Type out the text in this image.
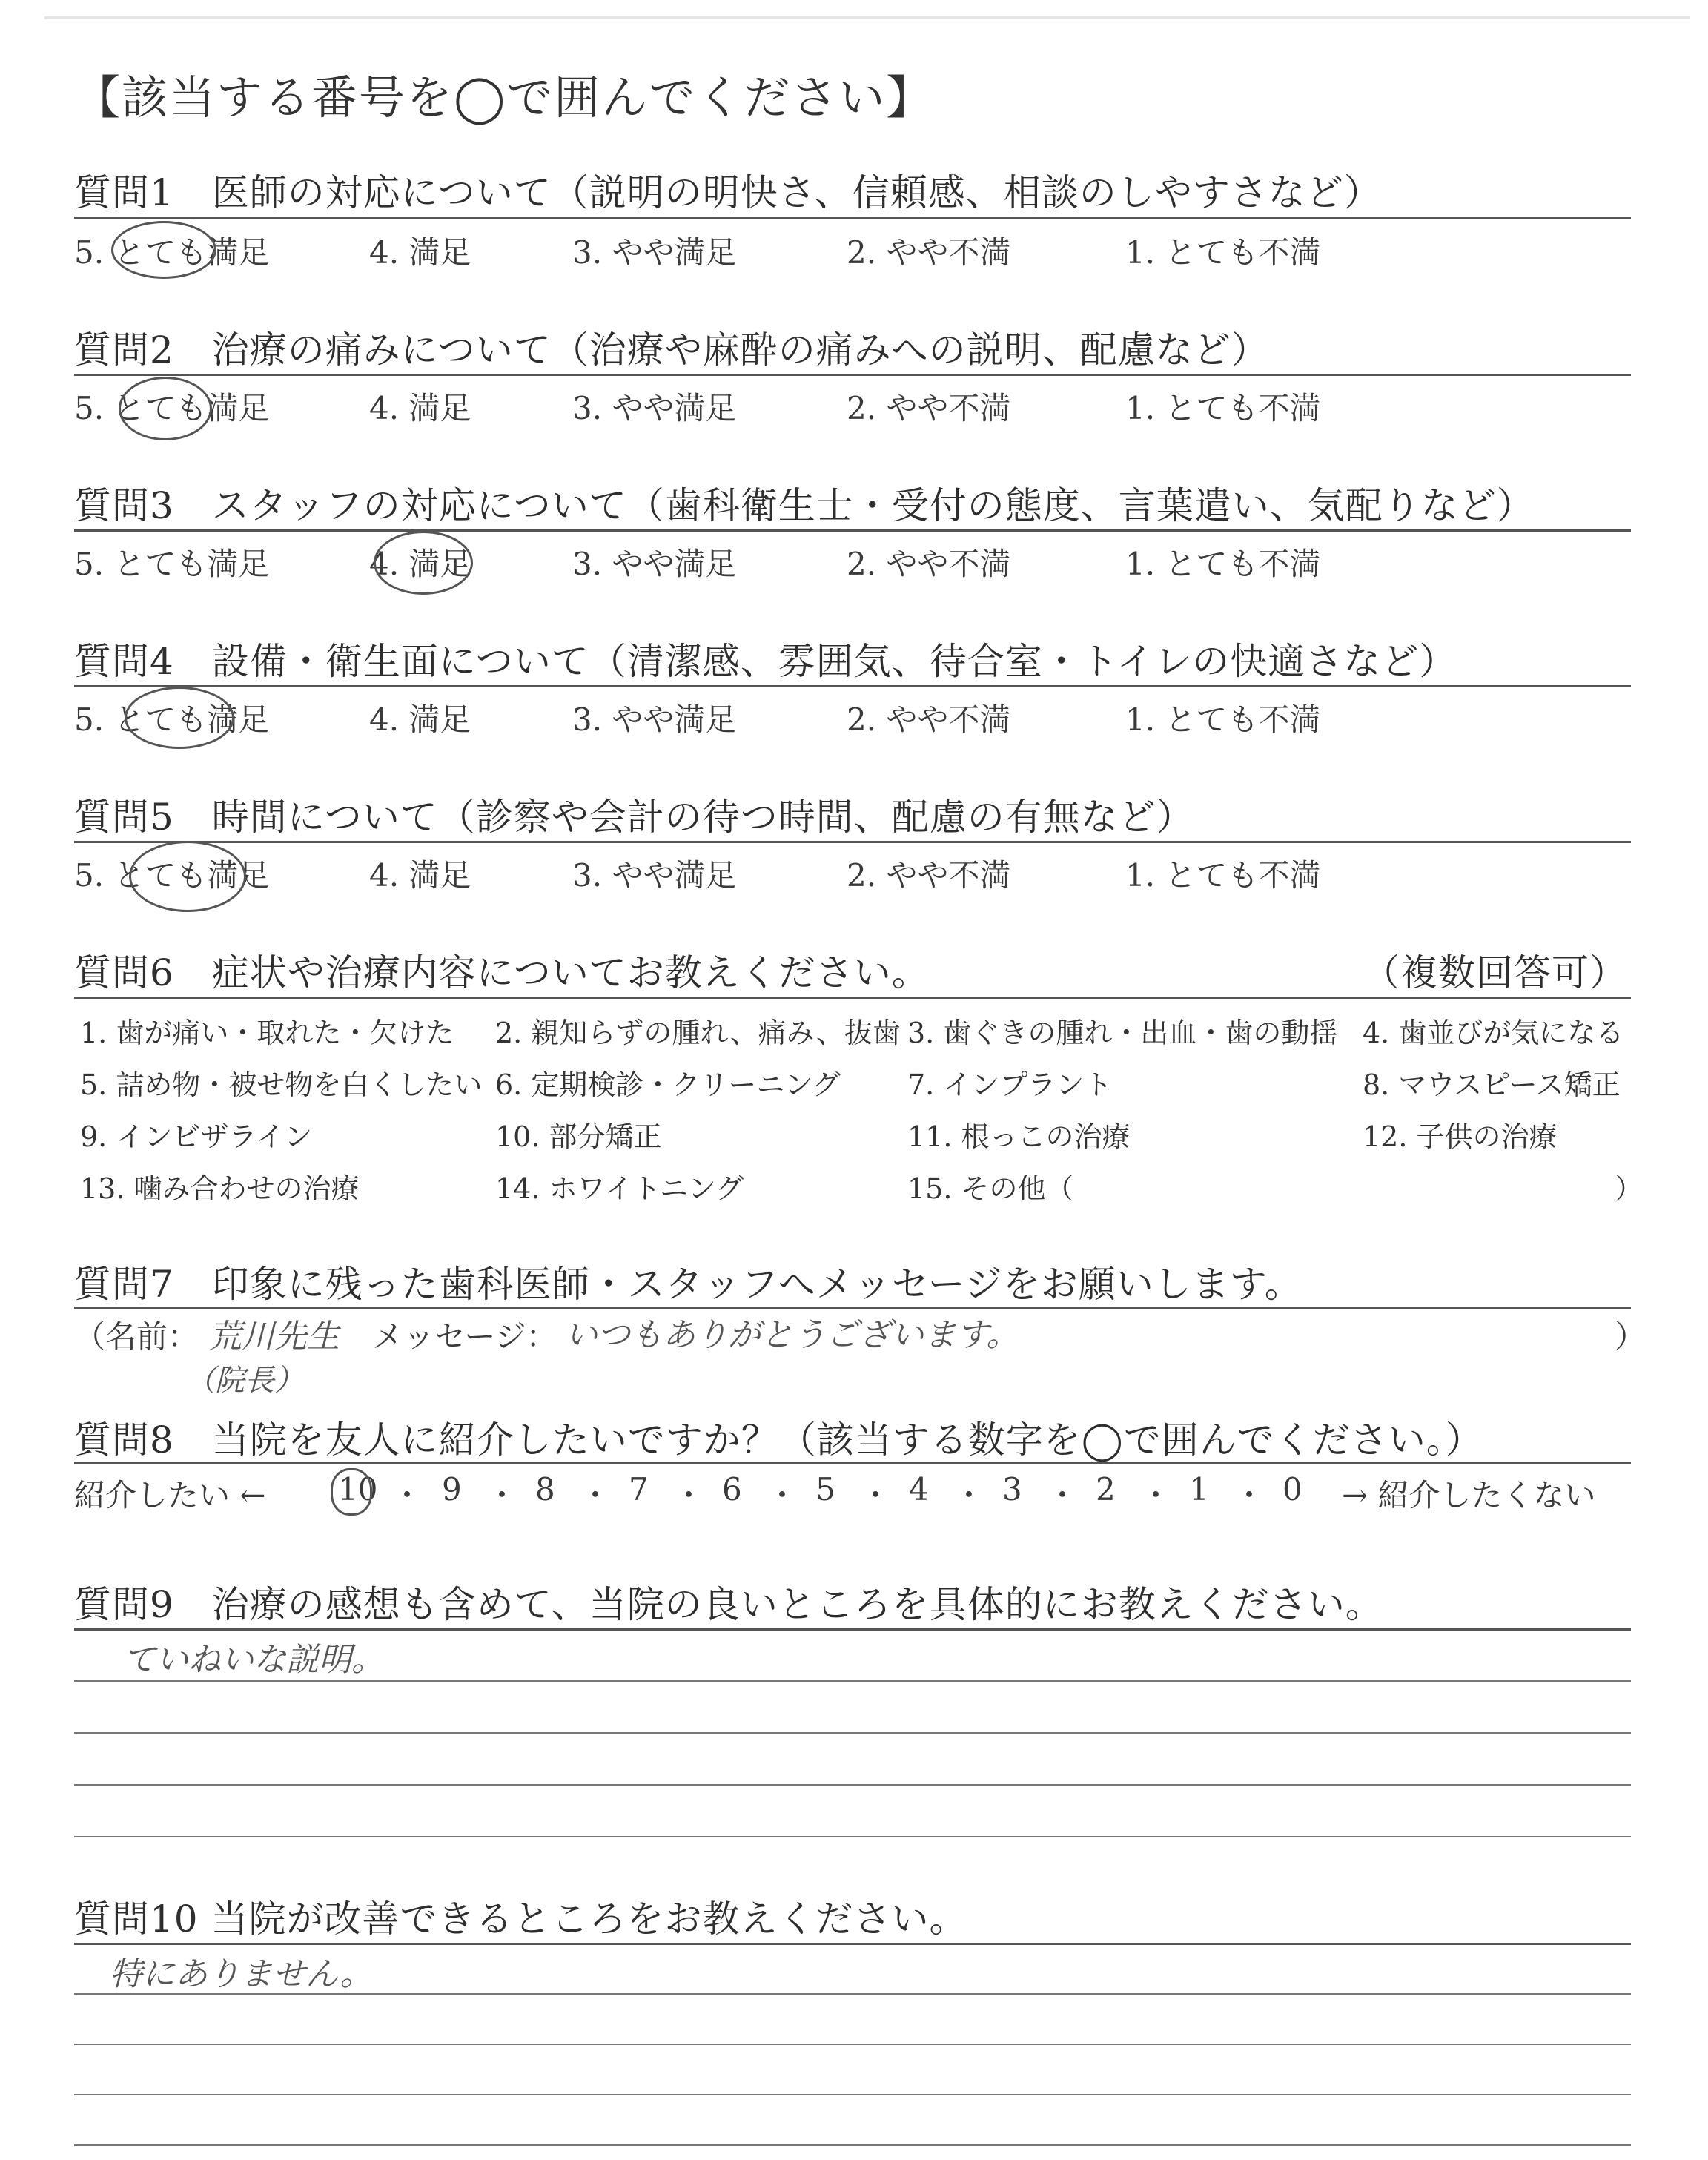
【該当する番号を◯で囲んでください】
質問1　医師の対応について（説明の明快さ、信頼感、相談のしやすさなど）
5. とても満足	4. 満足	3. やや満足	2. やや不満	1. とても不満
質問2　治療の痛みについて（治療や麻酔の痛みへの説明、配慮など）
5. とても満足	4. 満足	3. やや満足	2. やや不満	1. とても不満
質問3　スタッフの対応について（歯科衛生士・受付の態度、言葉遣い、気配りなど）
5. とても満足	4. 満足	3. やや満足	2. やや不満	1. とても不満
質問4　設備・衛生面について（清潔感、雰囲気、待合室・トイレの快適さなど）
5. とても満足	4. 満足	3. やや満足	2. やや不満	1. とても不満
質問5　時間について（診察や会計の待つ時間、配慮の有無など）
5. とても満足	4. 満足	3. やや満足	2. やや不満	1. とても不満
質問6　症状や治療内容についてお教えください。	（複数回答可）
1. 歯が痛い・取れた・欠けた 2. 親知らずの腫れ、痛み、抜歯 3. 歯ぐきの腫れ・出血・歯の動揺 4. 歯並びが気になる
5. 詰め物・被せ物を白くしたい 6. 定期検診・クリーニング 7. インプラント	8. マウスピース矯正
9. インビザライン	10. 部分矯正	11. 根っこの治療	12. 子供の治療
13. 噛み合わせの治療	14. ホワイトニング	15. その他（	）
質問7　印象に残った歯科医師・スタッフへメッセージをお願いします。
（名前： 荒川先生
（院長）
メッセージ： いつもありがとうございます。	）
質問8　当院を友人に紹介したいですか？（該当する数字を◯で囲んでください。）
紹介したい ← 10 ・ 9 ・ 8 ・ 7 ・ 6 ・ 5 ・ 4 ・ 3 ・ 2 ・ 1 ・ 0 → 紹介したくない
質問9　治療の感想も含めて、当院の良いところを具体的にお教えください。
ていねいな説明。
質問10 当院が改善できるところをお教えください。
特にありません。
